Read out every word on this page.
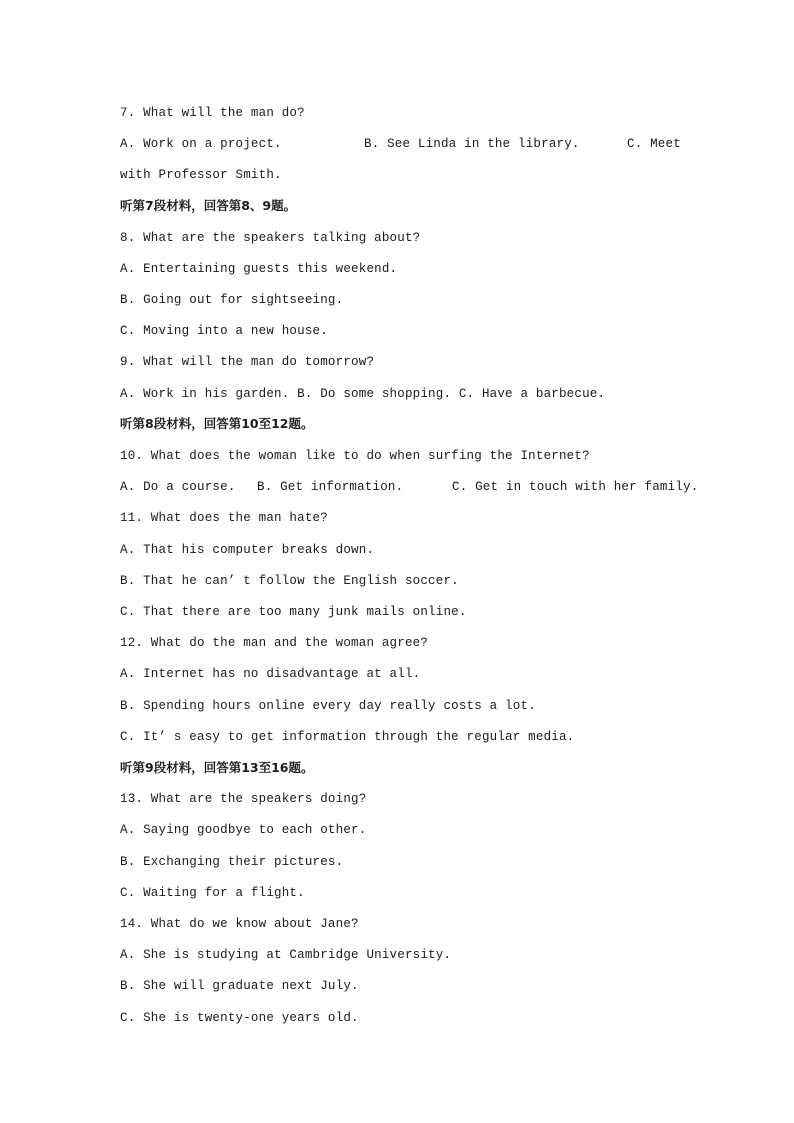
7. What will the man do?
A. Work on a project.	B. See Linda in the library.	C. Meet
with Professor Smith.
听第7段材料，回答第8、9题。
8. What are the speakers talking about?
A. Entertaining guests this weekend.
B. Going out for sightseeing.
C. Moving into a new house.
9. What will the man do tomorrow?
A. Work in his garden. B. Do some shopping. C. Have a barbecue.
听第8段材料，回答第10至12题。
10. What does the woman like to do when surfing the Internet?
A. Do a course. B. Get information.	C. Get in touch with her family.
11. What does the man hate?
A. That his computer breaks down.
B. That he can’ t follow the English soccer.
C. That there are too many junk mails online.
12. What do the man and the woman agree?
A. Internet has no disadvantage at all.
B. Spending hours online every day really costs a lot.
C. It’ s easy to get information through the regular media.
听第9段材料，回答第13至16题。
13. What are the speakers doing?
A. Saying goodbye to each other.
B. Exchanging their pictures.
C. Waiting for a flight.
14. What do we know about Jane?
A. She is studying at Cambridge University.
B. She will graduate next July.
C. She is twenty-one years old.
